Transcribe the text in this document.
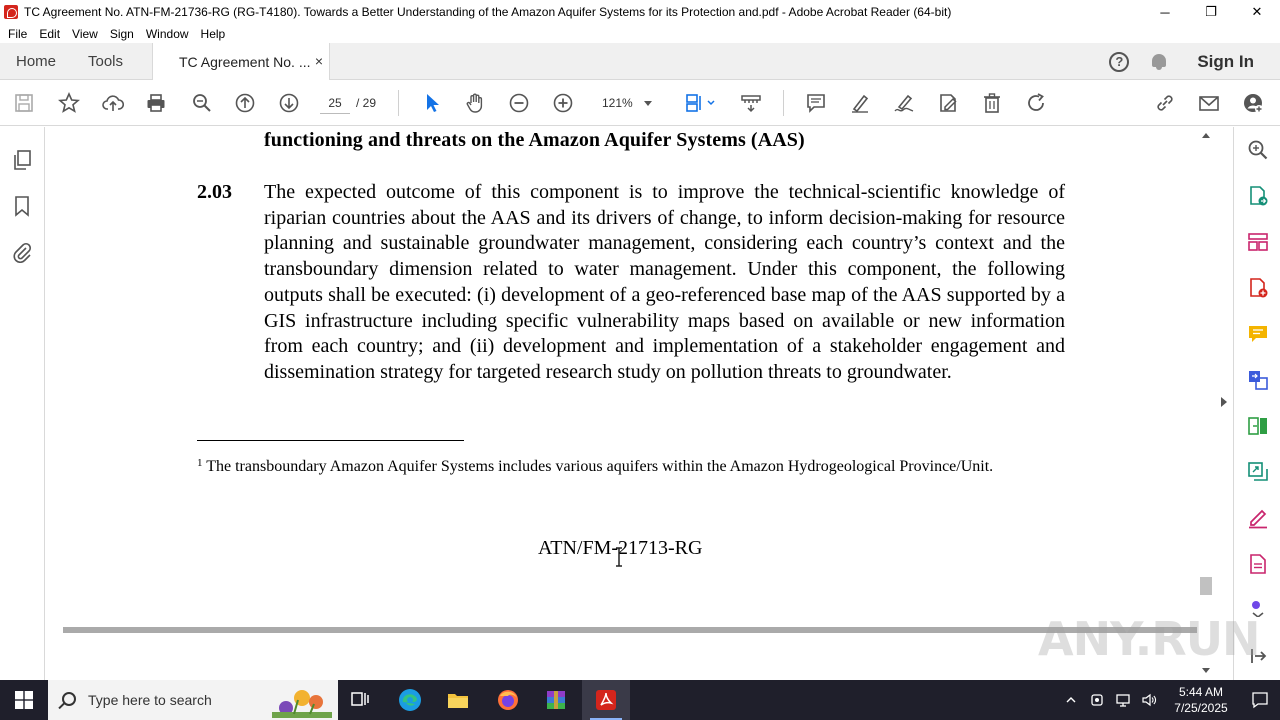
TC Agreement No. ATN-FM-21736-RG (RG-T4180). Towards a Better Understanding of the Amazon Aquifer Systems for its Protection and.pdf - Adobe Acrobat Reader (64-bit)	─	❐	✕
File	Edit	View	Sign	Window	Help
Home Tools	TC Agreement No. ... ×	?	Sign In
25	/ 29	121%
functioning and threats on the Amazon Aquifer Systems (AAS)
2.03 The expected outcome of this component is to improve the technical-scientific knowledge of riparian countries about the AAS and its drivers of change, to inform decision-making for resource planning and sustainable groundwater management, considering each country’s context and the transboundary dimension related to water management. Under this component, the following outputs shall be executed: (i) development of a geo-referenced base map of the AAS supported by a GIS infrastructure including specific vulnerability maps based on available or new information from each country; and (ii) development and implementation of a stakeholder engagement and dissemination strategy for targeted research study on pollution threats to groundwater.
$^1$ The transboundary Amazon Aquifer Systems includes various aquifers within the Amazon Hydrogeological Province/Unit.
ATN/FM-21713-RG
ANY.RUN
Type here to search	5:44 AM
7/25/2025
